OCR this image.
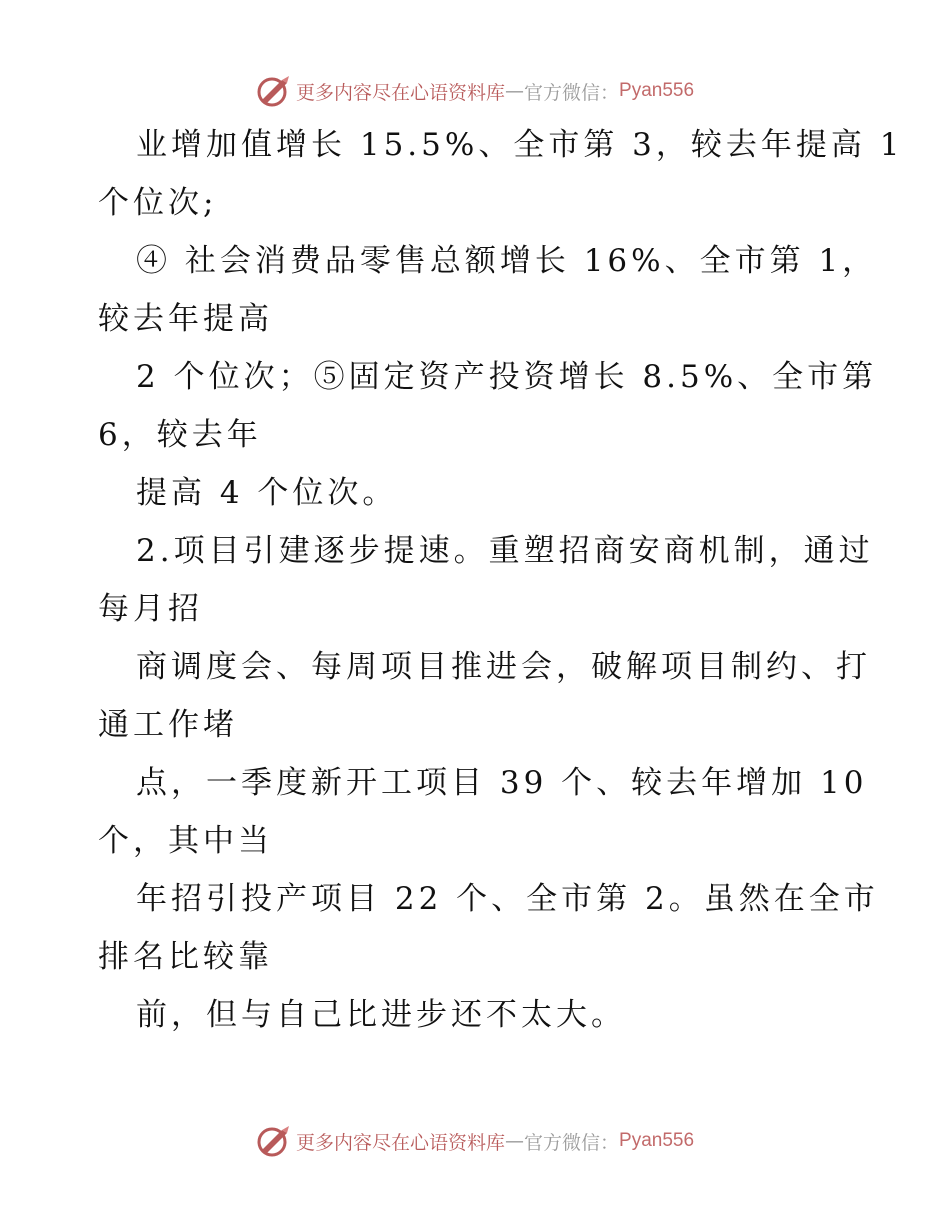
更多内容尽在心语资料库 — 官方微信 ： Pyan556

业增加值增长 15.5%、全市第 3，较去年提高 1

个位次;

④ 社会消费品零售总额增长 16%、全市第 1，

较去年提高

2 个位次；⑤固定资产投资增长 8.5%、全市第

6，较去年

提高 4 个位次。

2.项目引建逐步提速。重塑招商安商机制，通过

每月招

商调度会、每周项目推进会，破解项目制约、打

通工作堵

点，一季度新开工项目 39 个、较去年增加 10

个，其中当

年招引投产项目 22 个、全市第 2。虽然在全市

排名比较靠

前，但与自己比进步还不太大。

更多内容尽在心语资料库 — 官方微信 ： Pyan556
